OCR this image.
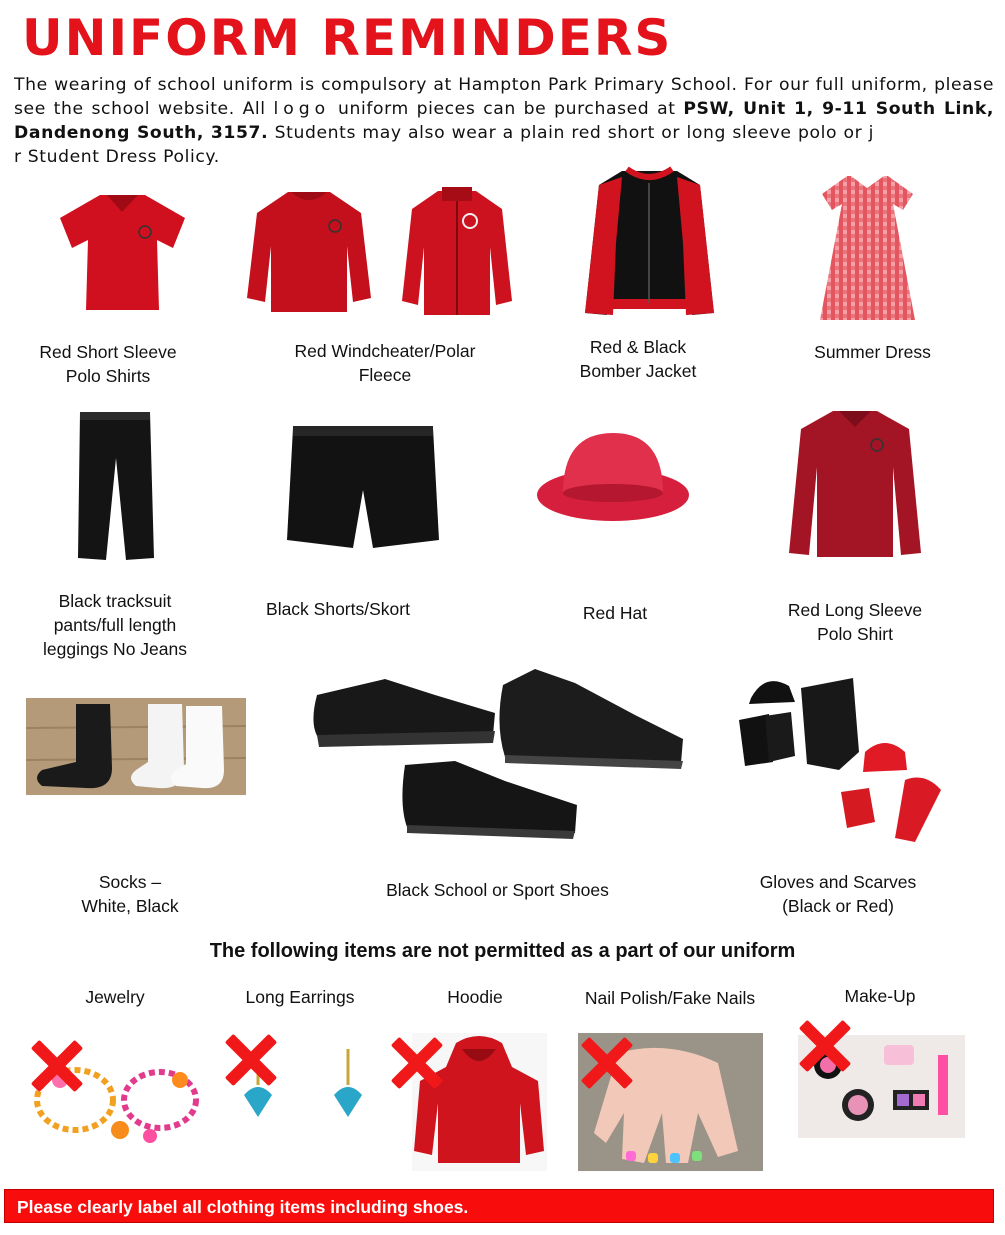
UNIFORM REMINDERS
The wearing of school uniform is compulsory at Hampton Park Primary School. For our full uniform, please see the school website. All logo uniform pieces can be purchased at PSW, Unit 1, 9-11 South Link, Dandenong South, 3157. Students may also wear a plain red short or long sleeve polo or jr Student Dress Policy.
Red Short Sleeve
Polo Shirts
Red Windcheater/Polar
Fleece
Red & Black
Bomber Jacket
Summer Dress
Black tracksuit
pants/full length
leggings No Jeans
Black Shorts/Skort	Red Hat	Red Long Sleeve
Polo Shirt
Socks –
White, Black
Black School or Sport Shoes	Gloves and Scarves
(Black or Red)
The following items are not permitted as a part of our uniform
Jewelry	Long Earrings	Hoodie	Nail Polish/Fake Nails	Make-Up
Please clearly label all clothing items including shoes.
